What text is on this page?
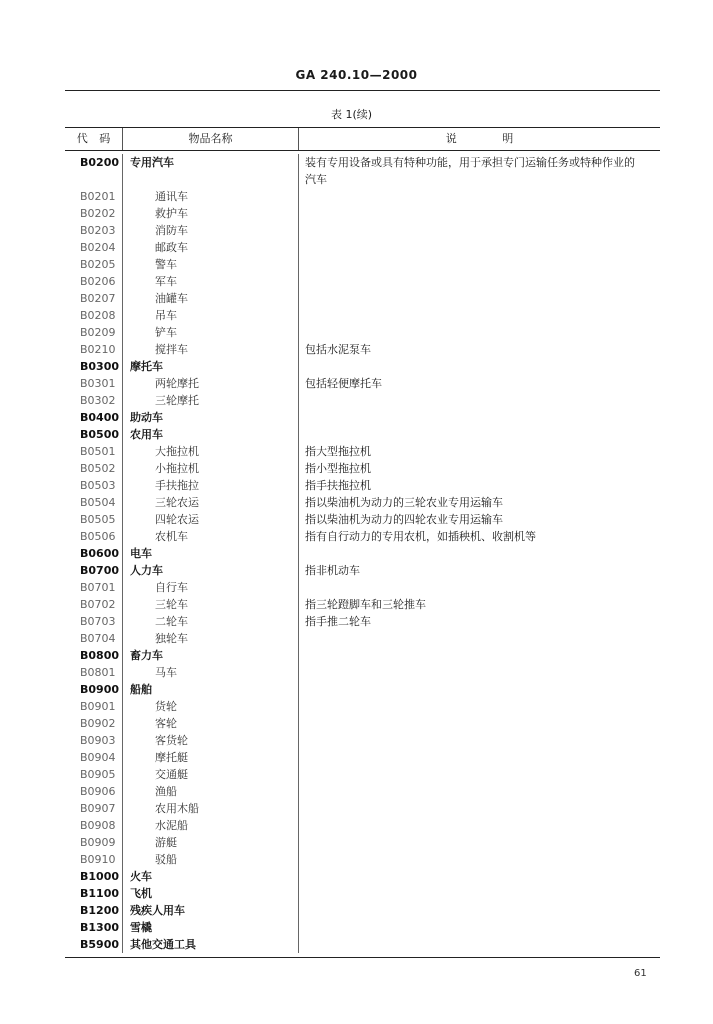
GA 240.10—2000
表 1(续)
代 码	物品名称	说 明
B0200	专用汽车	装有专用设备或具有特种功能，用于承担专门运输任务或特种作业的汽车
B0201	通讯车
B0202	救护车
B0203	消防车
B0204	邮政车
B0205	警车
B0206	军车
B0207	油罐车
B0208	吊车
B0209	铲车
B0210	搅拌车	包括水泥泵车
B0300	摩托车
B0301	两轮摩托	包括轻便摩托车
B0302	三轮摩托
B0400	助动车
B0500	农用车
B0501	大拖拉机	指大型拖拉机
B0502	小拖拉机	指小型拖拉机
B0503	手扶拖拉	指手扶拖拉机
B0504	三轮农运	指以柴油机为动力的三轮农业专用运输车
B0505	四轮农运	指以柴油机为动力的四轮农业专用运输车
B0506	农机车	指有自行动力的专用农机，如插秧机、收割机等
B0600	电车
B0700	人力车	指非机动车
B0701	自行车
B0702	三轮车	指三轮蹬脚车和三轮推车
B0703	二轮车	指手推二轮车
B0704	独轮车
B0800	畜力车
B0801	马车
B0900	船舶
B0901	货轮
B0902	客轮
B0903	客货轮
B0904	摩托艇
B0905	交通艇
B0906	渔船
B0907	农用木船
B0908	水泥船
B0909	游艇
B0910	驳船
B1000	火车
B1100	飞机
B1200	残疾人用车
B1300	雪橇
B5900	其他交通工具
61
